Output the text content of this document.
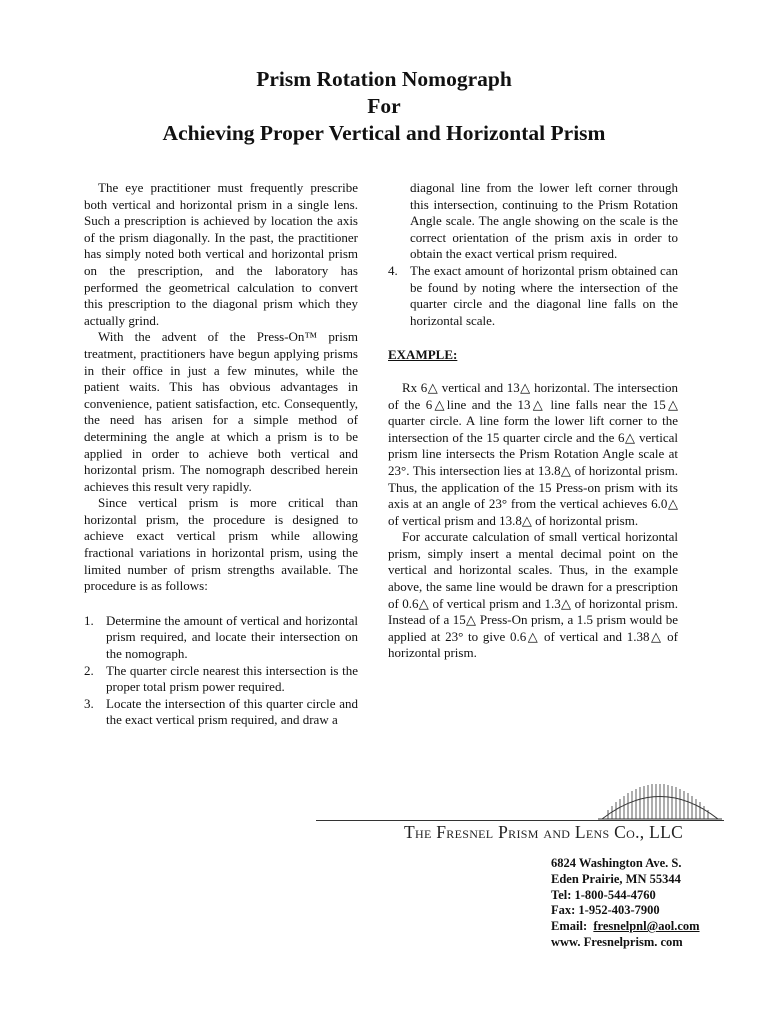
Prism Rotation Nomograph
For
Achieving Proper Vertical and Horizontal Prism

The eye practitioner must frequently prescribe both vertical and horizontal prism in a single lens. Such a prescription is achieved by location the axis of the prism diagonally. In the past, the practitioner has simply noted both vertical and horizontal prism on the prescription, and the laboratory has performed the geometrical calculation to convert this prescription to the diagonal prism which they actually grind.

With the advent of the Press-On™ prism treatment, practitioners have begun applying prisms in their office in just a few minutes, while the patient waits. This has obvious advantages in convenience, patient satisfaction, etc. Consequently, the need has arisen for a simple method of determining the angle at which a prism is to be applied in order to achieve both vertical and horizontal prism. The nomograph described herein achieves this result very rapidly.

Since vertical prism is more critical than horizontal prism, the procedure is designed to achieve exact vertical prism while allowing fractional variations in horizontal prism, using the limited number of prism strengths available. The procedure is as follows:

1. Determine the amount of vertical and horizontal prism required, and locate their intersection on the nomograph.
2. The quarter circle nearest this intersection is the proper total prism power required.
3. Locate the intersection of this quarter circle and the exact vertical prism required, and draw a

diagonal line from the lower left corner through this intersection, continuing to the Prism Rotation Angle scale. The angle showing on the scale is the correct orientation of the prism axis in order to obtain the exact vertical prism required.

4. The exact amount of horizontal prism obtained can be found by noting where the intersection of the quarter circle and the diagonal line falls on the horizontal scale.
EXAMPLE:

Rx 6△ vertical and 13△ horizontal. The intersection of the 6△line and the 13△ line falls near the 15△ quarter circle. A line form the lower lift corner to the intersection of the 15 quarter circle and the 6△ vertical prism line intersects the Prism Rotation Angle scale at 23°. This intersection lies at 13.8△ of horizontal prism. Thus, the application of the 15 Press-on prism with its axis at an angle of 23° from the vertical achieves 6.0△ of vertical prism and 13.8△ of horizontal prism.

For accurate calculation of small vertical horizontal prism, simply insert a mental decimal point on the vertical and horizontal scales. Thus, in the example above, the same line would be drawn for a prescription of 0.6△ of vertical prism and 1.3△ of horizontal prism. Instead of a 15△ Press-On prism, a 1.5 prism would be applied at 23° to give 0.6△ of vertical and 1.38△ of horizontal prism.

The Fresnel Prism and Lens Co., LLC
6824 Washington Ave. S.
Eden Prairie, MN 55344
Tel: 1-800-544-4760
Fax: 1-952-403-7900
Email: fresnelpnl@aol.com
www. Fresnelprism. com
